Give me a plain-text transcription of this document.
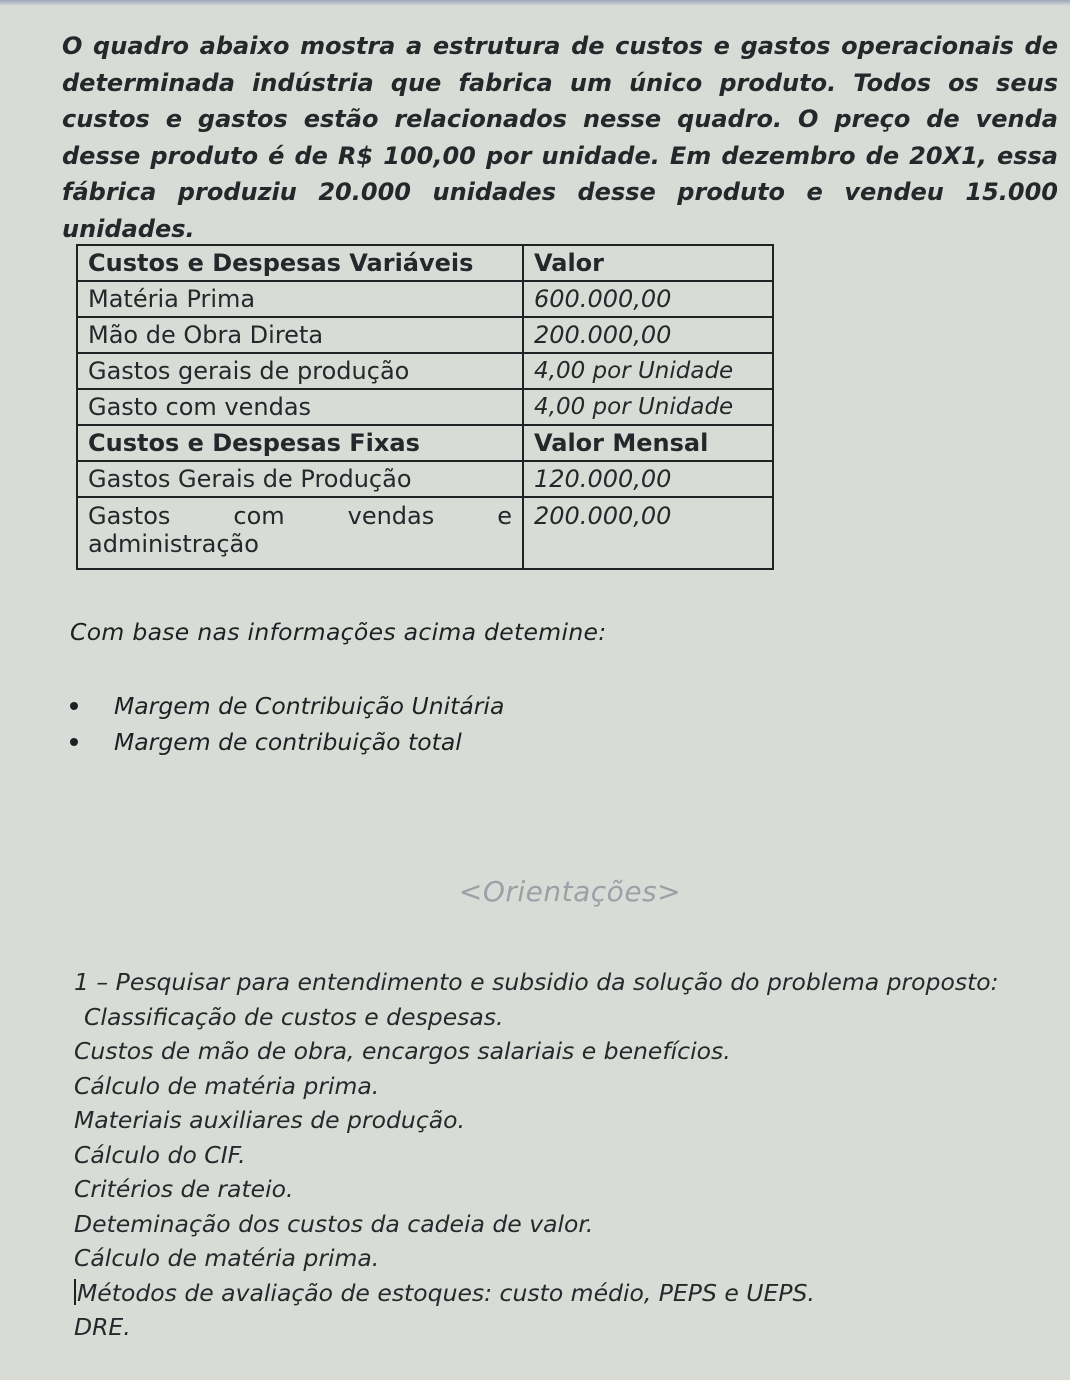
O quadro abaixo mostra a estrutura de custos e gastos operacionais de determinada indústria que fabrica um único produto. Todos os seus custos e gastos estão relacionados nesse quadro. O preço de venda desse produto é de R$ 100,00 por unidade. Em dezembro de 20X1, essa fábrica produziu 20.000 unidades desse produto e vendeu 15.000 unidades.
Custos e Despesas Variáveis	Valor
Matéria Prima	600.000,00
Mão de Obra Direta	200.000,00
Gastos gerais de produção	4,00 por Unidade
Gasto com vendas	4,00 por Unidade
Custos e Despesas Fixas	Valor Mensal
Gastos Gerais de Produção	120.000,00

Gastos com vendas e
administração	200.000,00
Com base nas informações acima detemine:
Margem de Contribuição Unitária
Margem de contribuição total
<Orientações>

1 – Pesquisar para entendimento e subsidio da solução do problema proposto:

Classificação de custos e despesas.

Custos de mão de obra, encargos salariais e benefícios.

Cálculo de matéria prima.

Materiais auxiliares de produção.

Cálculo do CIF.

Critérios de rateio.

Deteminação dos custos da cadeia de valor.

Cálculo de matéria prima.

Métodos de avaliação de estoques: custo médio, PEPS e UEPS.

DRE.
